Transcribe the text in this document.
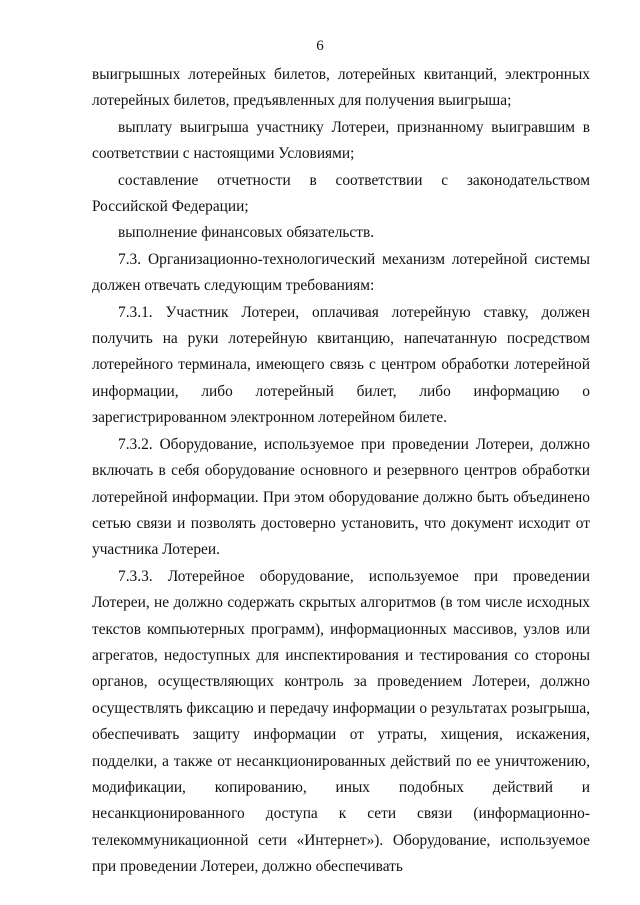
6

выигрышных лотерейных билетов, лотерейных квитанций, электронных лотерейных билетов, предъявленных для получения выигрыша;

выплату выигрыша участнику Лотереи, признанному выигравшим в соответствии с настоящими Условиями;

составление отчетности в соответствии с законодательством Российской Федерации;

выполнение финансовых обязательств.

7.3. Организационно-технологический механизм лотерейной системы должен отвечать следующим требованиям:

7.3.1. Участник Лотереи, оплачивая лотерейную ставку, должен получить на руки лотерейную квитанцию, напечатанную посредством лотерейного терминала, имеющего связь с центром обработки лотерейной информации, либо лотерейный билет, либо информацию о зарегистрированном электронном лотерейном билете.

7.3.2. Оборудование, используемое при проведении Лотереи, должно включать в себя оборудование основного и резервного центров обработки лотерейной информации. При этом оборудование должно быть объединено сетью связи и позволять достоверно установить, что документ исходит от участника Лотереи.

7.3.3. Лотерейное оборудование, используемое при проведении Лотереи, не должно содержать скрытых алгоритмов (в том числе исходных текстов компьютерных программ), информационных массивов, узлов или агрегатов, недоступных для инспектирования и тестирования со стороны органов, осуществляющих контроль за проведением Лотереи, должно осуществлять фиксацию и передачу информации о результатах розыгрыша, обеспечивать защиту информации от утраты, хищения, искажения, подделки, а также от несанкционированных действий по ее уничтожению, модификации, копированию, иных подобных действий и несанкционированного доступа к сети связи (информационно-телекоммуникационной сети «Интернет»). Оборудование, используемое при проведении Лотереи, должно обеспечивать
